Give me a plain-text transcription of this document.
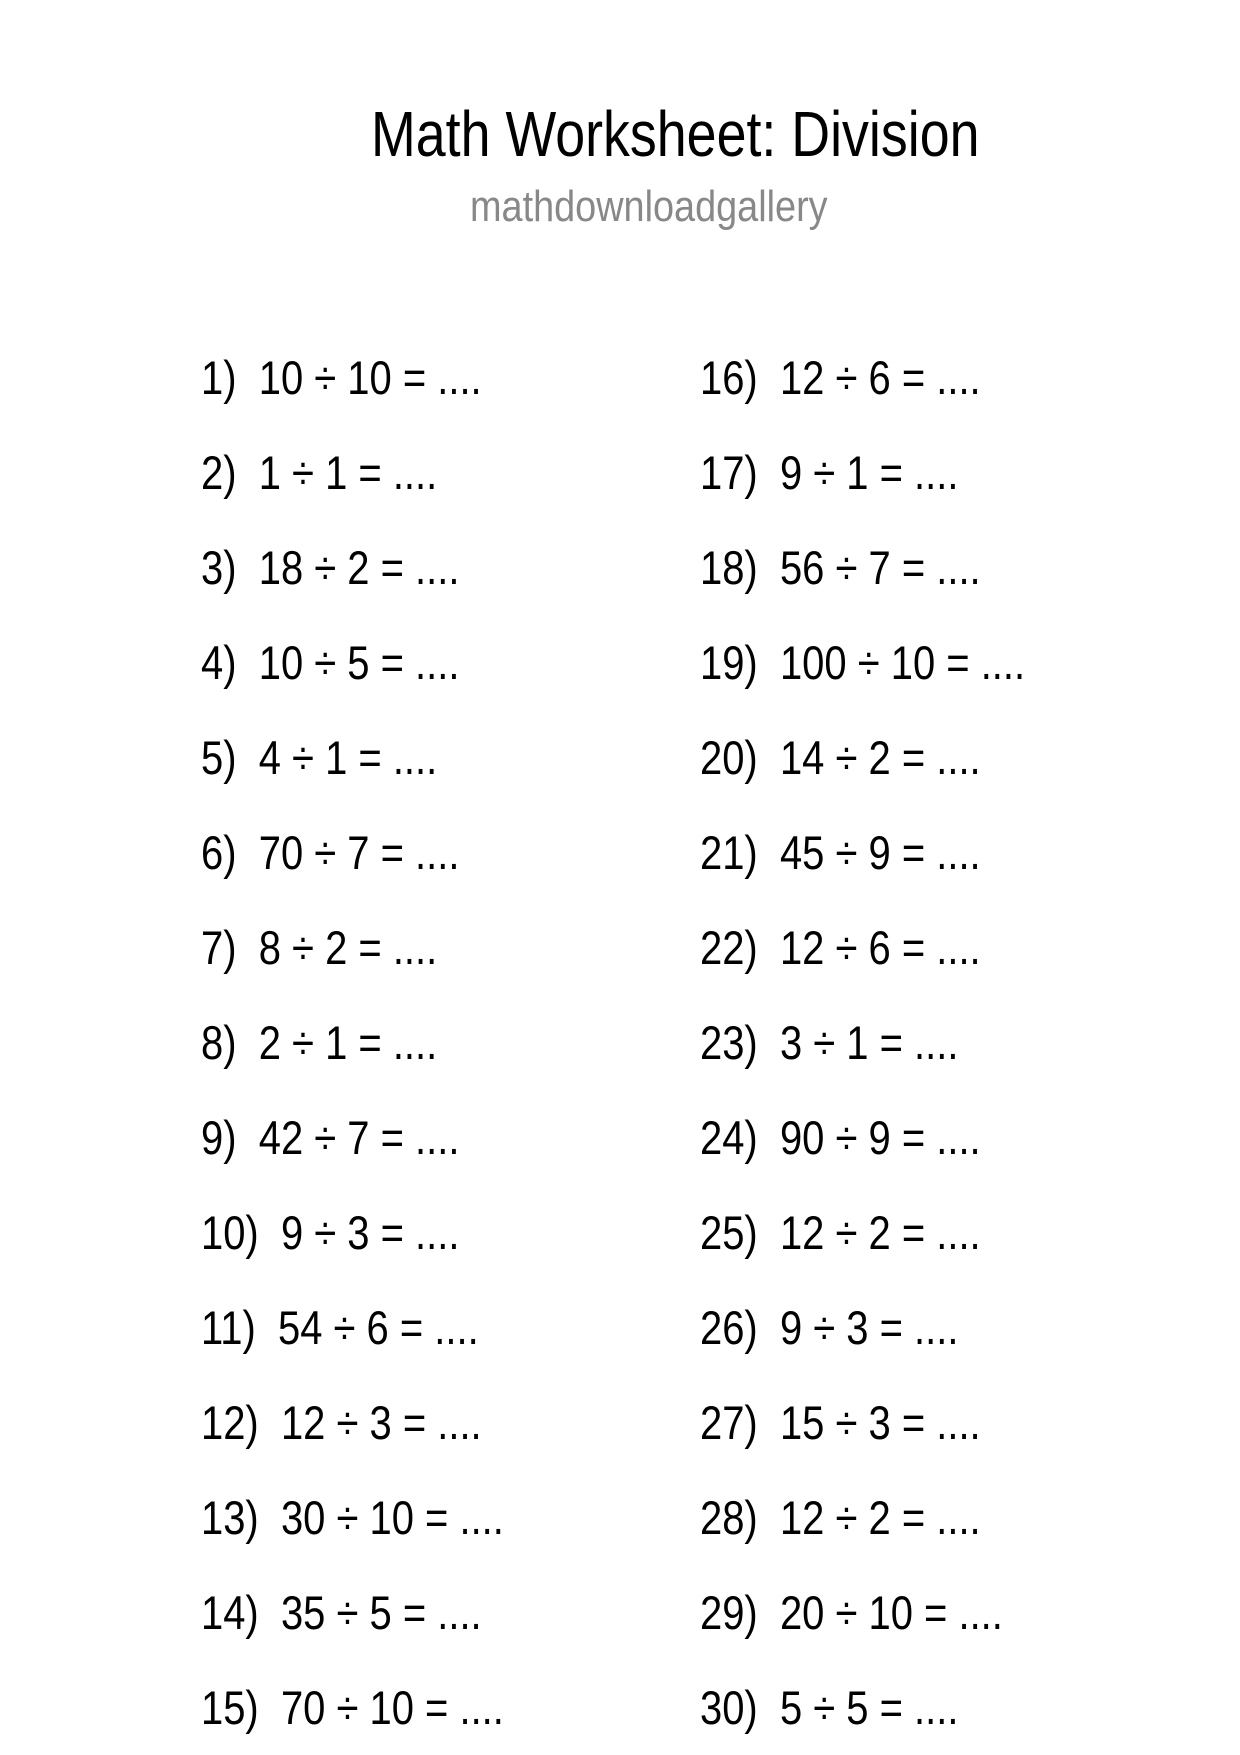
Math Worksheet: Division
mathdownloadgallery
1) 10 ÷ 10 = ....
2) 1 ÷ 1 = ....
3) 18 ÷ 2 = ....
4) 10 ÷ 5 = ....
5) 4 ÷ 1 = ....
6) 70 ÷ 7 = ....
7) 8 ÷ 2 = ....
8) 2 ÷ 1 = ....
9) 42 ÷ 7 = ....
10) 9 ÷ 3 = ....
11) 54 ÷ 6 = ....
12) 12 ÷ 3 = ....
13) 30 ÷ 10 = ....
14) 35 ÷ 5 = ....
15) 70 ÷ 10 = ....
16) 12 ÷ 6 = ....
17) 9 ÷ 1 = ....
18) 56 ÷ 7 = ....
19) 100 ÷ 10 = ....
20) 14 ÷ 2 = ....
21) 45 ÷ 9 = ....
22) 12 ÷ 6 = ....
23) 3 ÷ 1 = ....
24) 90 ÷ 9 = ....
25) 12 ÷ 2 = ....
26) 9 ÷ 3 = ....
27) 15 ÷ 3 = ....
28) 12 ÷ 2 = ....
29) 20 ÷ 10 = ....
30) 5 ÷ 5 = ....
